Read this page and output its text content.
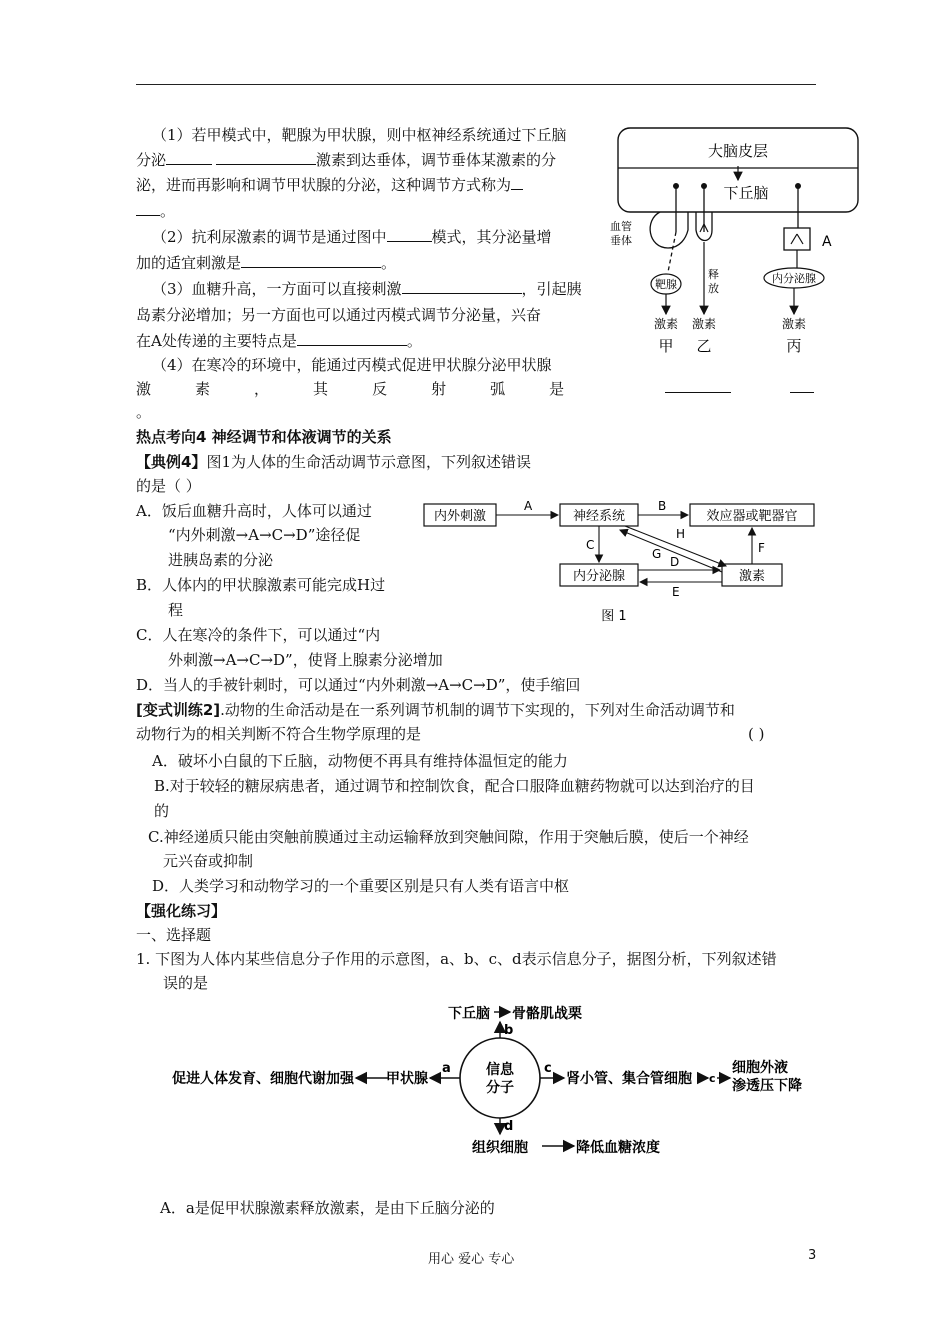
（1）若甲模式中，靶腺为甲状腺，则中枢神经系统通过下丘脑
分泌	激素到达垂体，调节垂体某激素的分
泌，进而再影响和调节甲状腺的分泌，这种调节方式称为
。
（2）抗利尿激素的调节是通过图中	模式，其分泌量增
加的适宜刺激是	。
（3）血糖升高，一方面可以直接刺激	，引起胰
岛素分泌增加；另一方面也可以通过丙模式调节分泌量，兴奋
在A处传递的主要特点是	。
（4）在寒冷的环境中，能通过丙模式促进甲状腺分泌甲状腺
激	素	，	其	反	射	弧	是
。
大脑皮层
下丘脑
血管
垂体
靶腺
释
放
A
内分泌腺
激素 激素	激素
甲 乙	丙
热点考向4 神经调节和体液调节的关系
【典例4】图1为人体的生命活动调节示意图，下列叙述错误
的是（ ）
A．饭后血糖升高时，人体可以通过
“内外刺激→A→C→D”途径促
进胰岛素的分泌
B．人体内的甲状腺激素可能完成H过
程
C．人在寒冷的条件下，可以通过“内
外刺激→A→C→D”，使肾上腺素分泌增加
D．当人的手被针刺时，可以通过“内外刺激→A→C→D”，使手缩回
内外刺激	神经系统	效应器或靶器官
内分泌腺	激素
A	B
C
H
G
D
E
F
图 1
[变式训练2].动物的生命活动是在一系列调节机制的调节下实现的，下列对生命活动调节和
动物行为的相关判断不符合生物学原理的是	( )
A．破坏小白鼠的下丘脑，动物便不再具有维持体温恒定的能力
B.对于较轻的糖尿病患者，通过调节和控制饮食，配合口服降血糖药物就可以达到治疗的目
的
C.神经递质只能由突触前膜通过主动运输释放到突触间隙，作用于突触后膜，使后一个神经
元兴奋或抑制
D．人类学习和动物学习的一个重要区别是只有人类有语言中枢
【强化练习】
一、选择题
1. 下图为人体内某些信息分子作用的示意图，a、b、c、d表示信息分子，据图分析，下列叙述错
误的是
信息
分子
b
下丘脑 骨骼肌战栗
a
甲状腺
促进人体发育、细胞代谢加强
c
肾小管、集合管细胞 c
细胞外液
渗透压下降
d
组织细胞	降低血糖浓度
A．a是促甲状腺激素释放激素，是由下丘脑分泌的
用心 爱心 专心	3
